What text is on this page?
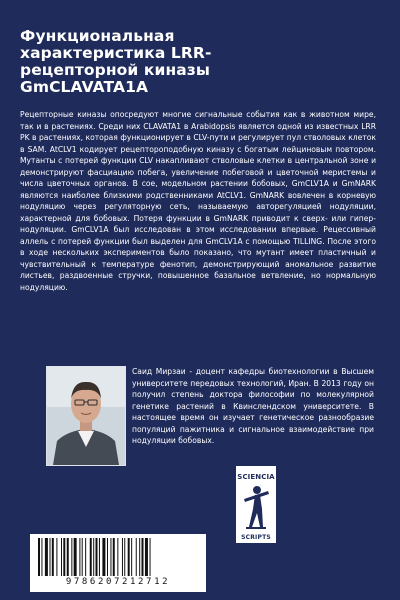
Функциональная
характеристика LRR-
рецепторной киназы
GmCLAVATA1A
Рецепторные киназы опосредуют многие сигнальные события как в животном мире, так и в растениях. Среди них CLAVATA1 в Arabidopsis является одной из известных LRR PK в растениях, которая функционирует в CLV-пути и регулирует пул стволовых клеток в SAM. AtCLV1 кодирует рецептороподобную киназу с богатым лейциновым повтором. Мутанты с потерей функции CLV накапливают стволовые клетки в центральной зоне и демонстрируют фасциацию побега, увеличение побеговой и цветочной меристемы и числа цветочных органов. В сое, модельном растении бобовых, GmCLV1A и GmNARK являются наиболее близкими родственниками AtCLV1. GmNARK вовлечен в корневую нодуляцию через регуляторную сеть, называемую авторегуляцией нодуляции, характерной для бобовых. Потеря функции в GmNARK приводит к сверх- или гипер-нодуляции. GmCLV1A был исследован в этом исследовании впервые. Рецессивный аллель с потерей функции был выделен для GmCLV1A с помощью TILLING. После этого в ходе нескольких экспериментов было показано, что мутант имеет пластичный и чувствительный к температуре фенотип, демонстрирующий аномальное развитие листьев, раздвоенные стручки, повышенное базальное ветвление, но нормальную нодуляцию.
Саид Мирзаи - доцент кафедры биотехнологии в Высшем университете передовых технологий, Иран. В 2013 году он получил степень доктора философии по молекулярной генетике растений в Квинслендском университете. В настоящее время он изучает генетическое разнообразие популяций пажитника и сигнальное взаимодействие при нодуляции бобовых.
SCIENCIA
SCRIPTS
9786207212712
